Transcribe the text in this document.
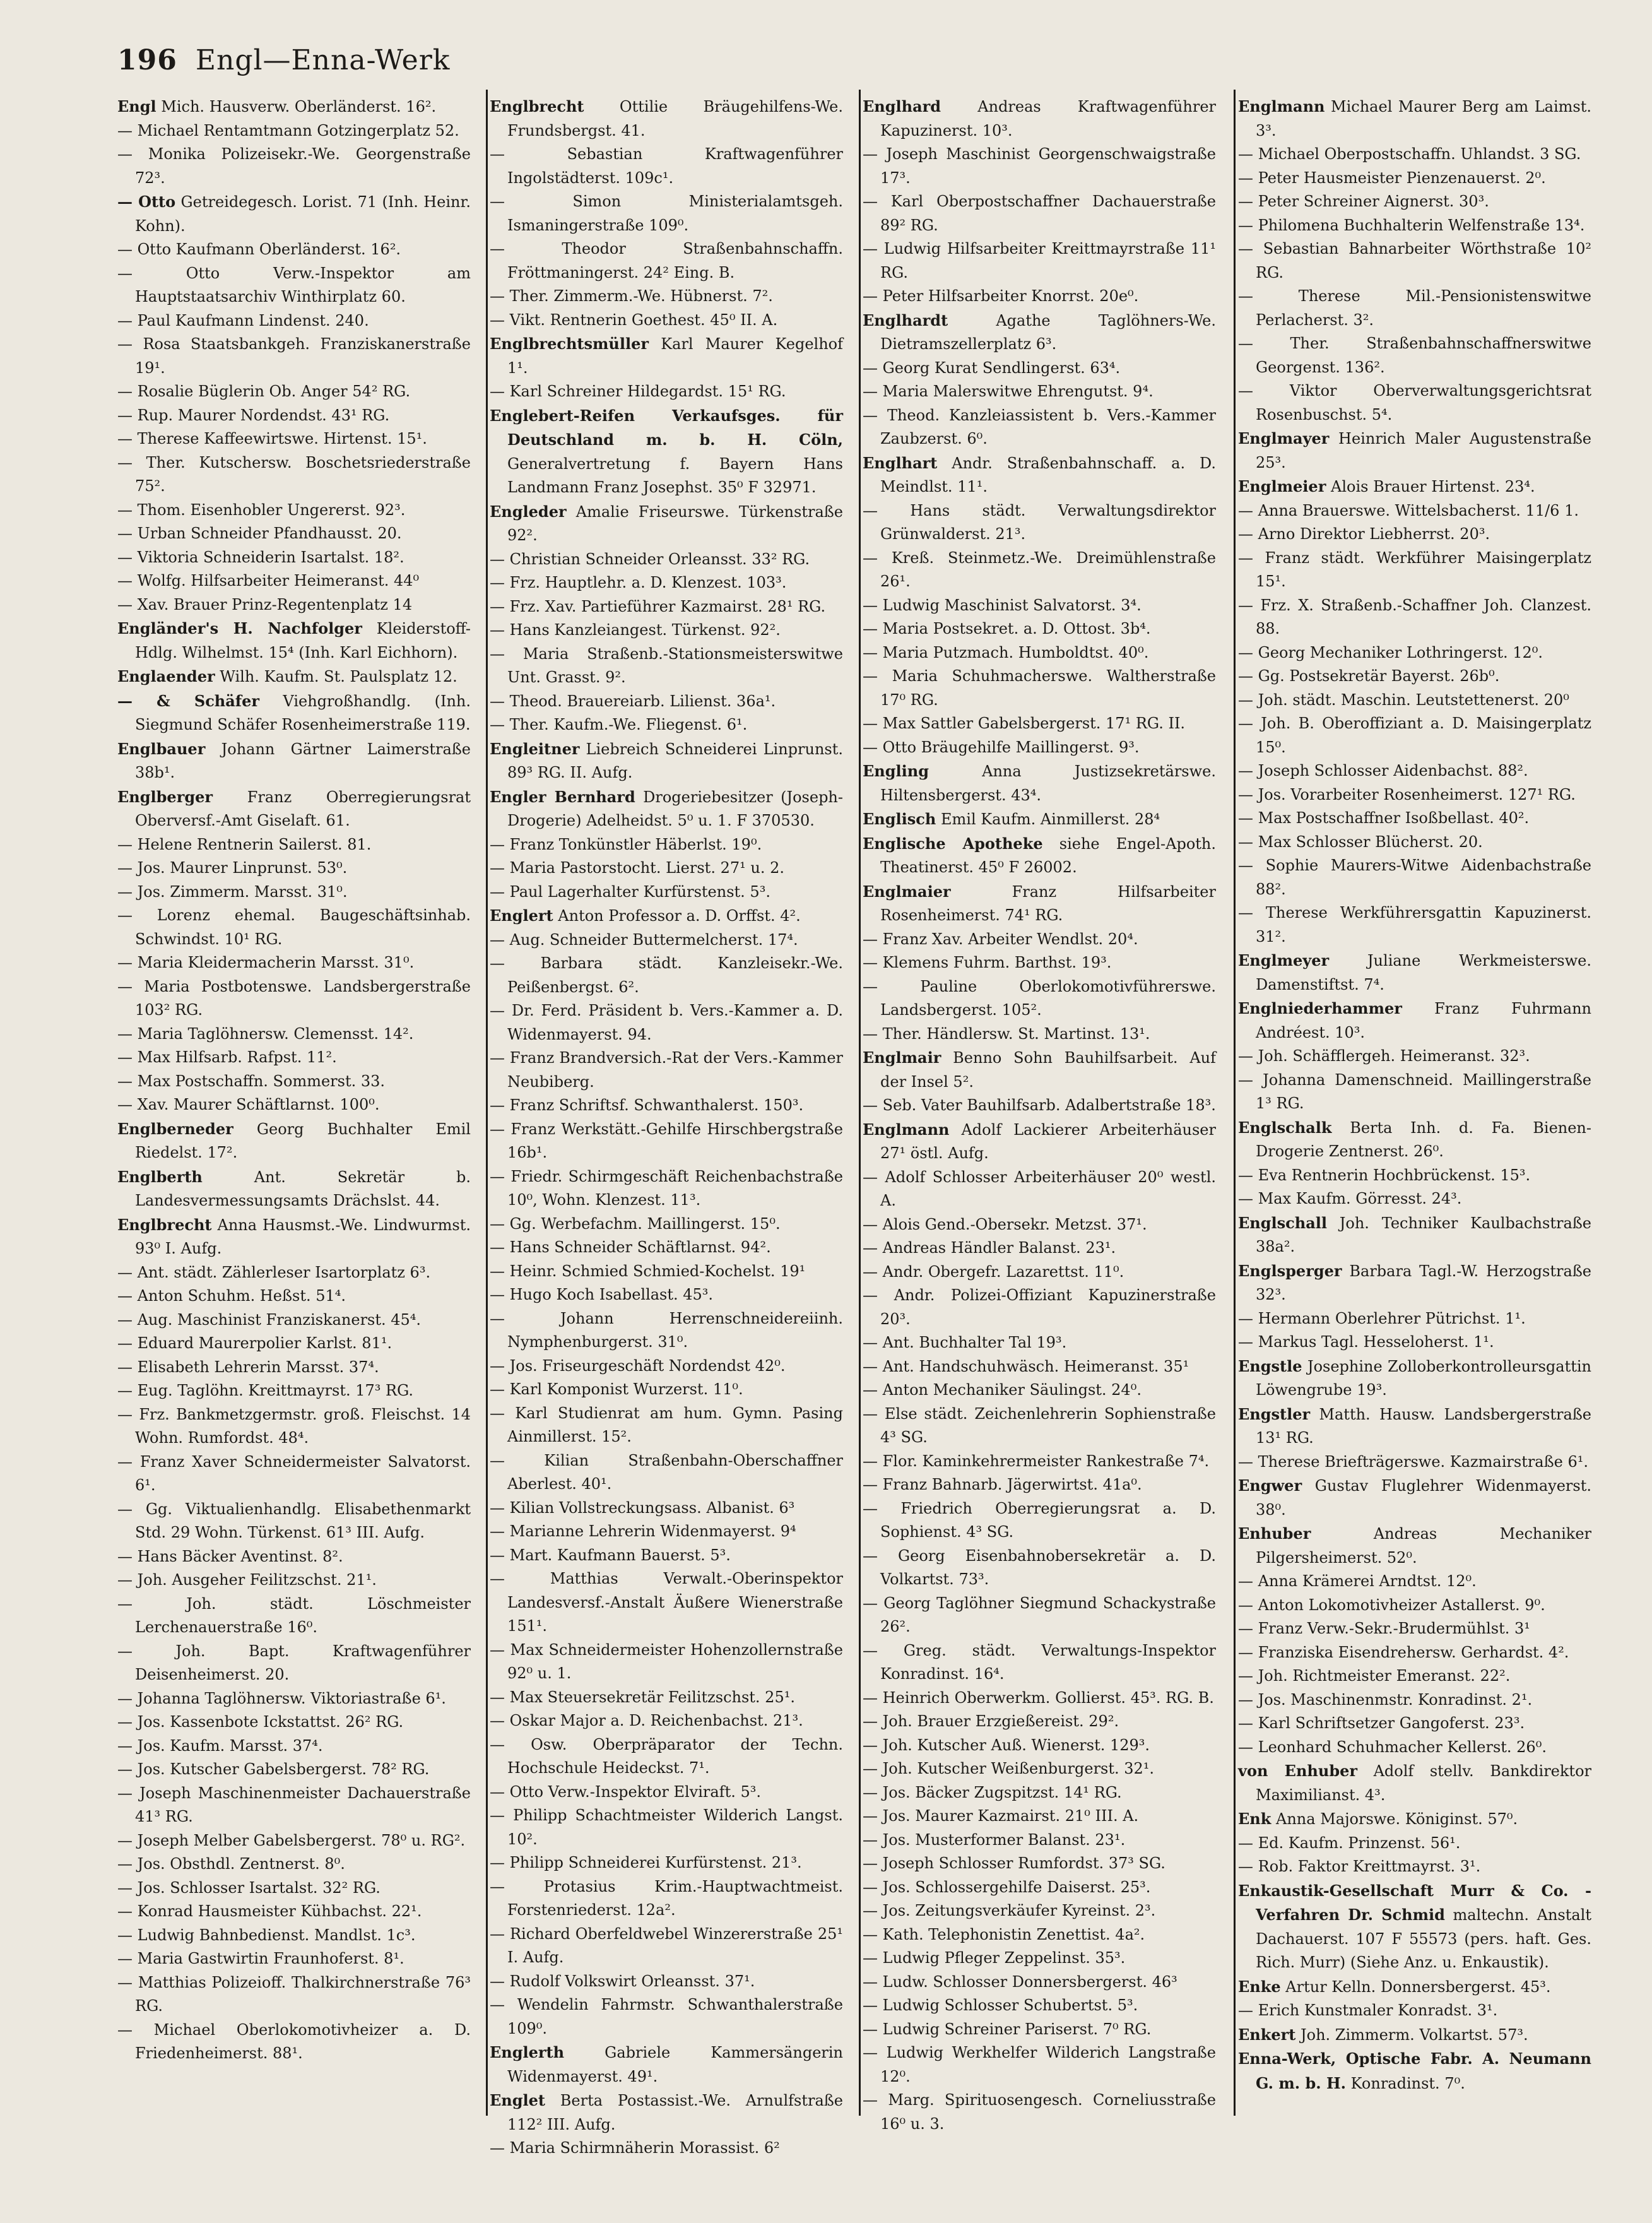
196 Engl—Enna-Werk

Engl Mich. Hausverw. Oberländerst. 16².

— Michael Rentamtmann Gotzingerplatz 52.

— Monika Polizeisekr.-We. Georgenstraße 72³.

— Otto Getreidegesch. Lorist. 71 (Inh. Heinr. Kohn).

— Otto Kaufmann Oberländerst. 16².

— Otto Verw.-Inspektor am Hauptstaatsarchiv Winthirplatz 60.

— Paul Kaufmann Lindenst. 240.

— Rosa Staatsbankgeh. Franziskanerstraße 19¹.

— Rosalie Büglerin Ob. Anger 54² RG.

— Rup. Maurer Nordendst. 43¹ RG.

— Therese Kaffeewirtswe. Hirtenst. 15¹.

— Ther. Kutschersw. Boschetsriederstraße 75².

— Thom. Eisenhobler Ungererst. 92³.

— Urban Schneider Pfandhausst. 20.

— Viktoria Schneiderin Isartalst. 18².

— Wolfg. Hilfsarbeiter Heimeranst. 44⁰

— Xav. Brauer Prinz-Regentenplatz 14

Engländer's H. Nachfolger Kleiderstoff-Hdlg. Wilhelmst. 15⁴ (Inh. Karl Eichhorn).

Englaender Wilh. Kaufm. St. Paulsplatz 12.

— & Schäfer Viehgroßhandlg. (Inh. Siegmund Schäfer Rosenheimerstraße 119.

Englbauer Johann Gärtner Laimerstraße 38b¹.

Englberger Franz Oberregierungsrat Oberversf.-Amt Giselaft. 61.

— Helene Rentnerin Sailerst. 81.

— Jos. Maurer Linprunst. 53⁰.

— Jos. Zimmerm. Marsst. 31⁰.

— Lorenz ehemal. Baugeschäftsinhab. Schwindst. 10¹ RG.

— Maria Kleidermacherin Marsst. 31⁰.

— Maria Postbotenswe. Landsbergerstraße 103² RG.

— Maria Taglöhnersw. Clemensst. 14².

— Max Hilfsarb. Rafpst. 11².

— Max Postschaffn. Sommerst. 33.

— Xav. Maurer Schäftlarnst. 100⁰.

Englberneder Georg Buchhalter Emil Riedelst. 17².

Englberth	Ant. Sekretär b. Landesvermessungsamts Drächslst. 44.

Englbrecht Anna Hausmst.-We. Lindwurmst. 93⁰ I. Aufg.

— Ant. städt. Zählerleser Isartorplatz 6³.

— Anton Schuhm. Heßst. 51⁴.

— Aug. Maschinist Franziskanerst. 45⁴.

— Eduard Maurerpolier Karlst. 81¹.

— Elisabeth Lehrerin Marsst. 37⁴.

— Eug. Taglöhn. Kreittmayrst. 17³ RG.

— Frz. Bankmetzgermstr. groß. Fleischst. 14 Wohn. Rumfordst. 48⁴.

— Franz Xaver Schneidermeister Salvatorst. 6¹.

— Gg. Viktualienhandlg. Elisabethenmarkt Std. 29 Wohn. Türkenst. 61³ III. Aufg.

— Hans Bäcker Aventinst. 8².

— Joh. Ausgeher Feilitzschst. 21¹.

— Joh. städt. Löschmeister Lerchenauerstraße 16⁰.

— Joh. Bapt. Kraftwagenführer Deisenheimerst. 20.

— Johanna Taglöhnersw. Viktoriastraße 6¹.

— Jos. Kassenbote Ickstattst. 26² RG.

— Jos. Kaufm. Marsst. 37⁴.

— Jos. Kutscher Gabelsbergerst. 78² RG.

— Joseph Maschinenmeister Dachauerstraße 41³ RG.

— Joseph Melber Gabelsbergerst. 78⁰ u. RG².

— Jos. Obsthdl. Zentnerst. 8⁰.

— Jos. Schlosser Isartalst. 32² RG.

— Konrad Hausmeister Kühbachst. 22¹.

— Ludwig Bahnbedienst. Mandlst. 1c³.

— Maria Gastwirtin Fraunhoferst. 8¹.

— Matthias Polizeioff. Thalkirchnerstraße 76³ RG.

— Michael Oberlokomotivheizer a. D. Friedenheimerst. 88¹.

Englbrecht Ottilie Bräugehilfens-We. Frundsbergst. 41.

— Sebastian Kraftwagenführer Ingolstädterst. 109c¹.

— Simon Ministerialamtsgeh. Ismaningerstraße 109⁰.

— Theodor Straßenbahnschaffn. Fröttmaningerst. 24² Eing. B.

— Ther. Zimmerm.-We. Hübnerst. 7².

— Vikt. Rentnerin Goethest. 45⁰ II. A.

Englbrechtsmüller Karl Maurer Kegelhof 1¹.

— Karl Schreiner Hildegardst. 15¹ RG.

Englebert-Reifen Verkaufsges. für Deutschland m. b. H. Cöln, Generalvertretung f. Bayern Hans Landmann Franz Josephst. 35⁰ F 32971.

Engleder Amalie Friseurswe. Türkenstraße 92².

— Christian Schneider Orleansst. 33² RG.

— Frz. Hauptlehr. a. D. Klenzest. 103³.

— Frz. Xav. Partieführer Kazmairst. 28¹ RG.

— Hans Kanzleiangest. Türkenst. 92².

— Maria Straßenb.-Stationsmeisterswitwe Unt. Grasst. 9².

— Theod. Brauereiarb. Lilienst. 36a¹.

— Ther. Kaufm.-We. Fliegenst. 6¹.

Engleitner Liebreich Schneiderei Linprunst. 89³ RG. II. Aufg.

Engler Bernhard Drogeriebesitzer (Joseph-Drogerie) Adelheidst. 5⁰ u. 1. F 370530.

— Franz Tonkünstler Häberlst. 19⁰.

— Maria Pastorstocht. Lierst. 27¹ u. 2.

— Paul Lagerhalter Kurfürstenst. 5³.

Englert Anton Professor a. D. Orffst. 4².

— Aug. Schneider Buttermelcherst. 17⁴.

— Barbara städt. Kanzleisekr.-We. Peißenbergst. 6².

— Dr. Ferd. Präsident b. Vers.-Kammer a. D. Widenmayerst. 94.

— Franz Brandversich.-Rat der Vers.-Kammer Neubiberg.

— Franz Schriftsf. Schwanthalerst. 150³.

— Franz Werkstätt.-Gehilfe Hirschbergstraße 16b¹.

— Friedr. Schirmgeschäft Reichenbachstraße 10⁰, Wohn. Klenzest. 11³.

— Gg. Werbefachm. Maillingerst. 15⁰.

— Hans Schneider Schäftlarnst. 94².

— Heinr. Schmied Schmied-Kochelst. 19¹

— Hugo Koch Isabellast. 45³.

— Johann Herrenschneidereiinh. Nymphenburgerst. 31⁰.

— Jos. Friseurgeschäft Nordendst 42⁰.

— Karl Komponist Wurzerst. 11⁰.

— Karl Studienrat am hum. Gymn. Pasing Ainmillerst. 15².

— Kilian Straßenbahn-Oberschaffner Aberlest. 40¹.

— Kilian Vollstreckungsass. Albanist. 6³

— Marianne Lehrerin Widenmayerst. 9⁴

— Mart. Kaufmann Bauerst. 5³.

— Matthias Verwalt.-Oberinspektor Landesversf.-Anstalt Äußere Wienerstraße 151¹.

— Max Schneidermeister Hohenzollernstraße 92⁰ u. 1.

— Max Steuersekretär Feilitzschst. 25¹.

— Oskar Major a. D. Reichenbachst. 21³.

— Osw. Oberpräparator der Techn. Hochschule Heideckst. 7¹.

— Otto Verw.-Inspektor Elviraft. 5³.

— Philipp Schachtmeister Wilderich Langst. 10².

— Philipp Schneiderei Kurfürstenst. 21³.

— Protasius Krim.-Hauptwachtmeist. Forstenriederst. 12a².

— Richard Oberfeldwebel Winzererstraße 25¹ I. Aufg.

— Rudolf Volkswirt Orleansst. 37¹.

— Wendelin Fahrmstr. Schwanthalerstraße 109⁰.

Englerth	Gabriele Kammersängerin Widenmayerst. 49¹.

Englet Berta Postassist.-We. Arnulfstraße 112² III. Aufg.

— Maria Schirmnäherin Morassist. 6²

Englhard Andreas Kraftwagenführer Kapuzinerst. 10³.

— Joseph Maschinist Georgenschwaigstraße 17³.

— Karl Oberpostschaffner Dachauerstraße 89² RG.

— Ludwig Hilfsarbeiter Kreittmayrstraße 11¹ RG.

— Peter Hilfsarbeiter Knorrst. 20e⁰.

Englhardt	Agathe Taglöhners-We. Dietramszellerplatz 6³.

— Georg Kurat Sendlingerst. 63⁴.

— Maria Malerswitwe Ehrengutst. 9⁴.

— Theod. Kanzleiassistent b. Vers.-Kammer Zaubzerst. 6⁰.

Englhart Andr. Straßenbahnschaff. a. D. Meindlst. 11¹.

— Hans städt. Verwaltungsdirektor Grünwalderst. 21³.

— Kreß. Steinmetz.-We. Dreimühlenstraße 26¹.

— Ludwig Maschinist Salvatorst. 3⁴.

— Maria Postsekret. a. D. Ottost. 3b⁴.

— Maria Putzmach. Humboldtst. 40⁰.

— Maria Schuhmacherswe. Waltherstraße 17⁰ RG.

— Max Sattler Gabelsbergerst. 17¹ RG. II.

— Otto Bräugehilfe Maillingerst. 9³.

Engling	Anna Justizsekretärswe. Hiltensbergerst. 43⁴.

Englisch Emil Kaufm. Ainmillerst. 28⁴

Englische Apotheke siehe Engel-Apoth. Theatinerst. 45⁰ F 26002.

Englmaier	Franz Hilfsarbeiter Rosenheimerst. 74¹ RG.

— Franz Xav. Arbeiter Wendlst. 20⁴.

— Klemens Fuhrm. Barthst. 19³.

— Pauline Oberlokomotivführerswe. Landsbergerst. 105².

— Ther. Händlersw. St. Martinst. 13¹.

Englmair Benno Sohn Bauhilfsarbeit. Auf der Insel 5².

— Seb. Vater Bauhilfsarb. Adalbertstraße 18³.

Englmann Adolf Lackierer Arbeiterhäuser 27¹ östl. Aufg.

— Adolf Schlosser Arbeiterhäuser 20⁰ westl. A.

— Alois Gend.-Obersekr. Metzst. 37¹.

— Andreas Händler Balanst. 23¹.

— Andr. Obergefr. Lazarettst. 11⁰.

— Andr. Polizei-Offiziant Kapuzinerstraße 20³.

— Ant. Buchhalter Tal 19³.

— Ant. Handschuhwäsch. Heimeranst. 35¹

— Anton Mechaniker Säulingst. 24⁰.

— Else städt. Zeichenlehrerin Sophienstraße 4³ SG.

— Flor. Kaminkehrermeister Rankestraße 7⁴.

— Franz Bahnarb. Jägerwirtst. 41a⁰.

— Friedrich Oberregierungsrat a. D. Sophienst. 4³ SG.

— Georg Eisenbahnobersekretär a. D. Volkartst. 73³.

— Georg Taglöhner Siegmund Schackystraße 26².

— Greg. städt. Verwaltungs-Inspektor Konradinst. 16⁴.

— Heinrich Oberwerkm. Gollierst. 45³. RG. B.

— Joh. Brauer Erzgießereist. 29².

— Joh. Kutscher Auß. Wienerst. 129³.

— Joh. Kutscher Weißenburgerst. 32¹.

— Jos. Bäcker Zugspitzst. 14¹ RG.

— Jos. Maurer Kazmairst. 21⁰ III. A.

— Jos. Musterformer Balanst. 23¹.

— Joseph Schlosser Rumfordst. 37³ SG.

— Jos. Schlossergehilfe Daiserst. 25³.

— Jos. Zeitungsverkäufer Kyreinst. 2³.

— Kath. Telephonistin Zenettist. 4a².

— Ludwig Pfleger Zeppelinst. 35³.

— Ludw. Schlosser Donnersbergerst. 46³

— Ludwig Schlosser Schubertst. 5³.

— Ludwig Schreiner Pariserst. 7⁰ RG.

— Ludwig Werkhelfer Wilderich Langstraße 12⁰.

— Marg. Spirituosengesch. Corneliusstraße 16⁰ u. 3.

Englmann Michael Maurer Berg am Laimst. 3³.

— Michael Oberpostschaffn. Uhlandst. 3 SG.

— Peter Hausmeister Pienzenauerst. 2⁰.

— Peter Schreiner Aignerst. 30³.

— Philomena Buchhalterin Welfenstraße 13⁴.

— Sebastian Bahnarbeiter Wörthstraße 10² RG.

— Therese Mil.-Pensionistenswitwe Perlacherst. 3².

— Ther. Straßenbahnschaffnerswitwe Georgenst. 136².

— Viktor Oberverwaltungsgerichtsrat Rosenbuschst. 5⁴.

Englmayer Heinrich Maler Augustenstraße 25³.

Englmeier Alois Brauer Hirtenst. 23⁴.

— Anna Brauerswe. Wittelsbacherst. 11/6 1.

— Arno Direktor Liebherrst. 20³.

— Franz städt. Werkführer Maisingerplatz 15¹.

— Frz. X. Straßenb.-Schaffner Joh. Clanzest. 88.

— Georg Mechaniker Lothringerst. 12⁰.

— Gg. Postsekretär Bayerst. 26b⁰.

— Joh. städt. Maschin. Leutstettenerst. 20⁰

— Joh. B. Oberoffiziant a. D. Maisingerplatz 15⁰.

— Joseph Schlosser Aidenbachst. 88².

— Jos. Vorarbeiter Rosenheimerst. 127¹ RG.

— Max Postschaffner Isoßbellast. 40².

— Max Schlosser Blücherst. 20.

— Sophie Maurers-Witwe Aidenbachstraße 88².

— Therese Werkführersgattin Kapuzinerst. 31².

Englmeyer	Juliane Werkmeisterswe. Damenstiftst. 7⁴.

Englniederhammer Franz Fuhrmann Andréest. 10³.

— Joh. Schäfflergeh. Heimeranst. 32³.

— Johanna Damenschneid. Maillingerstraße 1³ RG.

Englschalk Berta Inh. d. Fa. Bienen-Drogerie Zentnerst. 26⁰.

— Eva Rentnerin Hochbrückenst. 15³.

— Max Kaufm. Görresst. 24³.

Englschall Joh. Techniker Kaulbachstraße 38a².

Englsperger Barbara Tagl.-W. Herzogstraße 32³.

— Hermann Oberlehrer Pütrichst. 1¹.

— Markus Tagl. Hesseloherst. 1¹.

Engstle Josephine Zolloberkontrolleursgattin Löwengrube 19³.

Engstler Matth. Hausw. Landsbergerstraße 13¹ RG.

— Therese Briefträgerswe. Kazmairstraße 6¹.

Engwer Gustav Fluglehrer Widenmayerst. 38⁰.

Enhuber	Andreas Mechaniker Pilgersheimerst. 52⁰.

— Anna Krämerei Arndtst. 12⁰.

— Anton Lokomotivheizer Astallerst. 9⁰.

— Franz Verw.-Sekr.-Brudermühlst. 3¹

— Franziska Eisendrehersw. Gerhardst. 4².

— Joh. Richtmeister Emeranst. 22².

— Jos. Maschinenmstr. Konradinst. 2¹.

— Karl Schriftsetzer Gangoferst. 23³.

— Leonhard Schuhmacher Kellerst. 26⁰.

von Enhuber Adolf stellv. Bankdirektor Maximilianst. 4³.

Enk Anna Majorswe. Königinst. 57⁰.

— Ed. Kaufm. Prinzenst. 56¹.

— Rob. Faktor Kreittmayrst. 3¹.

Enkaustik-Gesellschaft Murr & Co. -Verfahren Dr. Schmid maltechn. Anstalt Dachauerst. 107 F 55573 (pers. haft. Ges. Rich. Murr) (Siehe Anz. u. Enkaustik).

Enke Artur Kelln. Donnersbergerst. 45³.

— Erich Kunstmaler Konradst. 3¹.

Enkert Joh. Zimmerm. Volkartst. 57³.

Enna-Werk, Optische Fabr. A. Neumann G. m. b. H. Konradinst. 7⁰.
